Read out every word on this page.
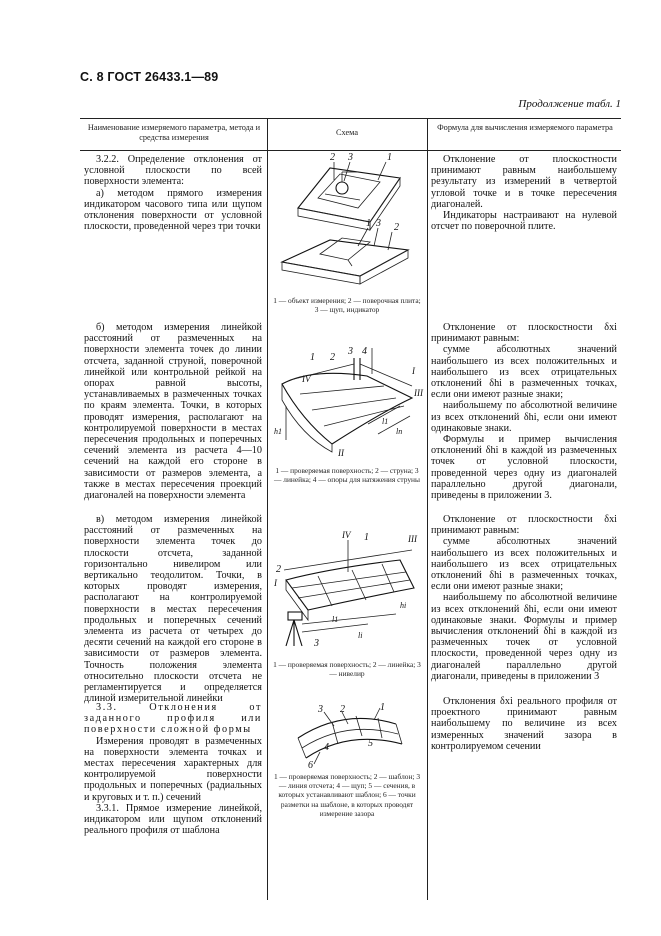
С. 8 ГОСТ 26433.1—89
Продолжение табл. 1
Наименование измеряемого параметра, метода и средства измерения
Схема
Формула для вычисления измеряемого параметра

3.2.2. Определение отклонения от условной плоскости по всей поверхности элемента:

а) методом прямого измерения индикатором часового типа или щупом отклонения поверхности от условной плоскости, проведенной через три точки

2 3	1
1 3 2
1 — объект измерения; 2 — поверочная плита; 3 — щуп, индикатор

Отклонение от плоскостности принимают равным наибольшему результату из измерений в четвертой угловой точке и в точке пересечения диагоналей.

Индикаторы настраивают на нулевой отсчет по поверочной плите.

б) методом измерения линейкой расстояний от размеченных на поверхности элемента точек до линии отсчета, заданной струной, поверочной линейкой или контрольной рейкой на опорах равной высоты, устанавливаемых в размеченных точках по краям элемента. Точки, в которых проводят измерения, располагают на контролируемой поверхности в местах пересечения продольных и поперечных сечений элемента из расчета 4—10 сечений на каждой его стороне в зависимости от размеров элемента, а также в местах пересечения проекций диагоналей на поверхности элемента

1 2
3 4
IV
I
II
III
h1
l1
ln
1 — проверяемая поверхность; 2 — струна; 3 — линейка; 4 — опоры для натяжения струны

Отклонение от плоскостности δxi принимают равным:

сумме абсолютных значений наибольшего из всех положительных и наибольшего из всех отрицательных отклонений δhi в размеченных точках, если они имеют разные знаки;

наибольшему по абсолютной величине из всех отклонений δhi, если они имеют одинаковые знаки.

Формулы и пример вычисления отклонений δhi в каждой из размеченных точек от условной плоскости, проведенной через одну из диагоналей параллельно другой диагонали, приведены в приложении 3.

в) методом измерения линейкой расстояний от размеченных на поверхности элемента точек до плоскости отсчета, заданной горизонтально нивелиром или вертикально теодолитом. Точки, в которых проводят измерения, располагают на контролируемой поверхности в местах пересечения продольных и поперечных сечений элемента из расчета от четырех до десяти сечений на каждой его стороне в зависимости от размеров элемента. Точность положения элемента относительно плоскости отсчета не регламентируется и определяется длиной измерительной линейки

IV 1	III
2
I
3
hi
l1
li
1 — проверяемая поверхность; 2 — линейка; 3 — нивелир

Отклонение от плоскостности δxi принимают равным:

сумме абсолютных значений наибольшего из всех положительных и наибольшего из всех отрицательных отклонений δhi в размеченных точках, если они имеют разные знаки;

наибольшему по абсолютной величине из всех отклонений δhi, если они имеют одинаковые знаки. Формулы и пример вычисления отклонений δhi в каждой из размеченных точек от условной плоскости, проведенной через одну из диагоналей параллельно другой диагонали, приведены в приложении 3

3.3. Отклонения от заданного профиля или поверхности сложной формы

Измерения проводят в размеченных на поверхности элемента точках и местах пересечения характерных для контролируемой поверхности продольных и поперечных (радиальных и круговых и т. п.) сечений

3.3.1. Прямое измерение линейкой, индикатором или щупом отклонений реального профиля от шаблона

3 2	1
4	5
6
1 — проверяемая поверхность; 2 — шаблон; 3 — линия отсчета; 4 — щуп; 5 — сечения, в которых устанавливают шаблон; 6 — точки разметки на шаблоне, в которых проводят измерение зазора

Отклонения δxi реального профиля от проектного принимают равным наибольшему по величине из всех измеренных значений зазора в контролируемом сечении
